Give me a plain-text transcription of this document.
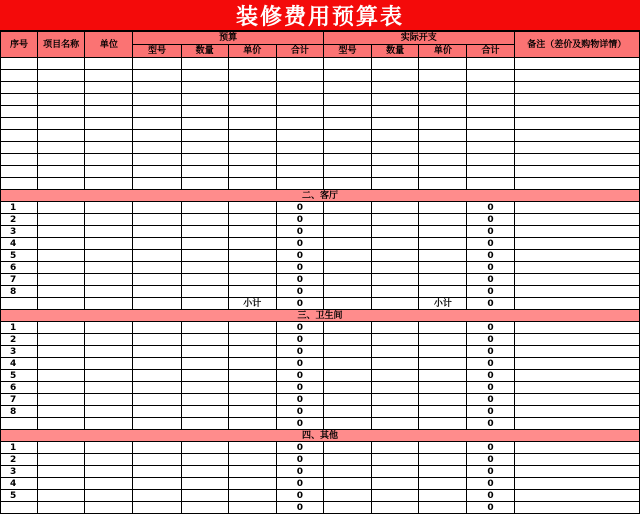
装修费用预算表
序号	项目名称	单位	预算				实际开支				备注（差价及购物详情）
			型号	数量	单价	合计	型号	数量	单价	合计	

二、客厅											
1						0				0	
2						0				0	
3						0				0	
4						0				0	
5						0				0	
6						0				0	
7						0				0	
8						0				0	
					小计	0			小计	0	
三、卫生间											
1						0				0	
2						0				0	
3						0				0	
4						0				0	
5						0				0	
6						0				0	
7						0				0	
8						0				0	
						0				0	
四、其他											
1						0				0	
2						0				0	
3						0				0	
4						0				0	
5						0				0	
						0				0	
